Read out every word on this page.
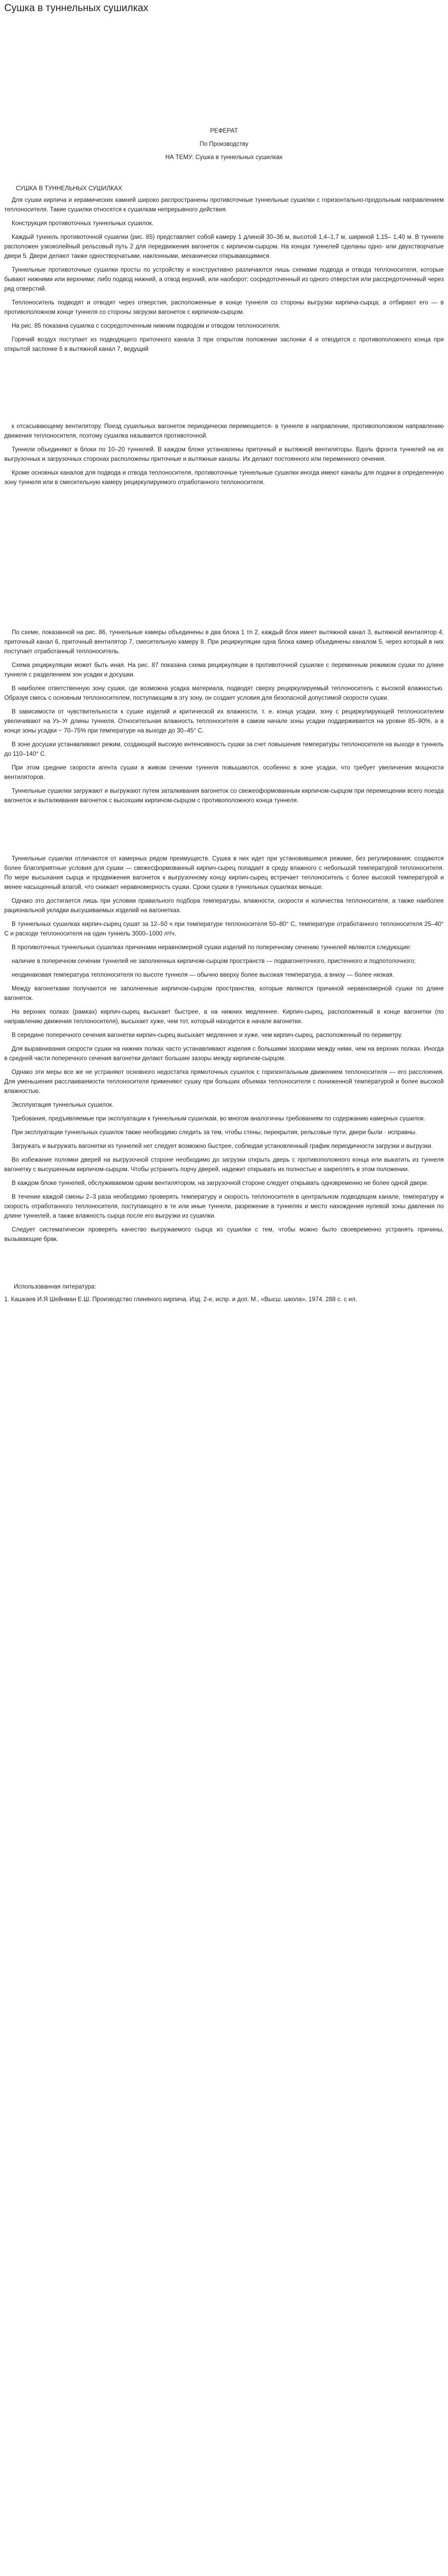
Сушка в туннельных сушилках
РЕФЕРАТ
По Производству
НА ТЕМУ: Сушка в туннельных сушилках
СУШКА В ТУННЕЛЬНЫХ СУШИЛКАХ

Для сушки кирпича и керамических камней широко распространены противоточные туннельные сушилки с горизонтально-продольным направлением теплоносителя. Такие сушилки относятся к сушилкам непрерывного действия.

Конструкция противоточных туннельных сушилок.

Каждый туннель противоточной сушилки (рис. 85) представляет собой камеру 1 длиной 30–36 м, высотой 1,4–1,7 м, шириной 1,15– 1,40 м. В туннеле расположен узкоколейный рельсовый путь 2 для передвижения вагонеток с кирпичом-сырцом. На концах туннелей сделаны одно- или двухстворчатые двери 5. Двери делают также одностворчатыми, наклонными, механически открывающимися.

Туннельные противоточные сушилки просты по устройству и конструктивно различаются лишь схемами подвода и отвода теплоносителя, которые бывают нижними или верхними; либо подвод нижний, а отвод верхний, или наоборот; сосредоточенный из одного отверстия или рассредоточенный через ряд отверстий.

Теплоноситель подводят и отводят через отверстия, расположенные в конце туннеля со стороны выгрузки кирпича-сырца; а отбирают его — в противоположном конце туннеля со стороны загрузки вагонеток с кирпичом-сырцом.

На рис. 85 показана сушилка с сосредоточенным нижним подводом и отводом теплоносителя.

Горячий воздух поступает из подводящего приточного канала 3 при открытом положении заслонки 4 и отводится с противоположного конца при открытой заслонке 6 в вытяжной канал 7, ведущий

к отсасывающему вентилятору. Поезд сушильных вагонеток периодически перемещается- в туннеле в направлении, противоположном направлению движения теплоносителя, поэтому сушилка называется противоточной.

Туннели объединяют в блоки по 10–20 туннелей. В каждом блоке установлены приточный и вытяжной вентиляторы. Вдоль фронта туннелей на их выгрузочных и загрузочных сторонах расположены приточные и вытяжные каналы. Их делают постоянного или переменного сечения.

Кроме основных каналов для подвода и отвода теплоносителя, противоточные туннельные сушилки иногда имеют каналы для подачи в определенную зону туннеля или в смесительную камеру рециркулируемого отработанного теплоносителя.

По схеме, показанной на рис. 86, туннельные камеры объединены в два блока 1 тп 2, каждый блок имеет вытяжной канал 3, вытяжной вентилятор 4, приточный канал 6, приточный вентилятор 7, смесительную камеру 8. При рециркуляции одна блока камер объединены каналом 5, через который в них поступает отработанный теплоноситель.

Схема рециркуляции может быть иная. На рис. 87 показана схема рециркуляции в противоточной сушилке с переменным режимом сушки по длине туннеля с разделением зон усадки и досушки.

В наиболее ответственную зону сушки, где возможна усадка материала, подводят сверху рециркулируемый теплоноситель с высокой влажностью. Образуя смесь с основным теплоносителем, поступающим в эту зону, он создает условия для безопасной допустимой скорости сушки.

В зависимости от чувствительности к сушке изделий и критической их влажности, т. е. конца усадки, зону с рециркулирующей теплоносителем увеличивают на Уз–Уг длины туннеля. Относительная влажность теплоносителя в самом начале зоны усадки поддерживается на уровне 85–90%, а в конце зоны усадки ~ 70–75% при температуре на выходе до 30–45° С.

В зоне досушки устанавливают режим, создающий высокую интенсивность сушки за счет повышения температуры теплоносителя на выходе в туннель до 110–140° С.

При этом средние скорости агента сушки в живом сечении туннеля повышаются, особенно в зоне усадки, что требует увеличения мощности вентиляторов.

Туннельные сушилки загружают и выгружают путем заталкивания вагонеток со свежеоформованным кирпичом-сырцом при перемещении всего поезда вагонеток и выталкивания вагонеток с высохшим кирпичом-сырцом с противоположного конца туннеля.

Туннельные сушилки отличаются от камерных рядом преимуществ. Сушка в них идет при установившемся режиме, без регулирования; создаются более благоприятные условия для сушки — свежесформованный кирпич-сырец попадает в среду влажного с небольшой температурой теплоносителя. По мере высыхания сырца и продвижения вагонеток к выгрузочному концу кирпич-сырец встречает теплоноситель с более высокой температурой и менее насыщенный влагой, что снижает неравномерность сушки. Сроки сушки в туннельных сушилках меньше.

Однако это достигается лишь при условии правильного подбора температуры, влажности, скорости и количества теплоносителя, а также наиболее рациональной укладки высушиваемых изделий на вагонетках.

В туннельных сушилках кирпич-сырец сушат за 12–50 ч при температуре теплоносителя 50–80° С, температуре отработанного теплоносителя 25–40° С и расходе теплоносителя на один туннель 3000–1000 л³/ч.

В противоточных туннельных сушилках причинами неравномерной сушки изделий по поперечному сечению туннелей являются следующие:

наличие в поперечном сечении туннелей не заполненных кирпичом-сырцом пространств — подвагонеточного, пристенного и подпотолочного;

неодинаковая температура теплоносителя по высоте туннеля — обычно вверху более высокая температура, а внизу — более низкая.

Между вагонетками получаются не заполненные кирпичом-сырцом пространства, которые являются причиной неравномерной сушки по длине вагонеток.

На верхних полках (рамках) кирпич-сырец высыхает быстрее, а на нижних медленнее. Кирпич-сырец, расположенный в конце вагонетки (по направлению движения теплоносителя), высыхает хуже, чем тот, который находится в начале вагонетки.

В середине поперечного сечения вагонетки кирпич-сырец высыхает медленнее и хуже, чем кирпич-сырец, расположенный по периметру.

Для выравнивания скорости сушки на нижних полках часто устанавливают изделия с большими зазорами между ними, чем на верхних полках. Иногда в средней части поперечного сечения вагонетки делают большие зазоры между кирпичом-сырцом.

Однако эти меры все же не устраняют основного недостатка прямоточных сушилок с горизонтальным движением теплоносителя — его расслоения. Для уменьшения расслаиваемости теплоносителя применяют сушку при больших объемах теплоносителя с пониженной температурой и более высокой влажностью.

Эксплуатация туннельных сушилок.

Требования, предъявляемые при эксплуатации к туннельным сушилкам, во многом аналогичны требованиям по содержанию камерных сушилок.

При эксплуатации туннельных сушилок также необходимо следить за тем, чтобы стены, перекрытия, рельсовые пути, двери были · исправны.

Загружать и выгружать вагонетки из туннелей нет следует возможно быстрее, соблюдая установленный график периодичности загрузки и выгрузки.

Во избежание поломки дверей на выгрузочной стороне необходимо до загрузки открыть дверь с противоположного конца или выкатить из туннеля вагонетку с высушенным кирпичом-сырцом. Чтобы устранить порчу дверей, надежит открывать их полностью и закреплять в этом положении.

В каждом блоке туннелей, обслуживаемом одним вентилятором, на загрузочной стороне следует открывать одновременно не более одной двери.

В течение каждой смены 2–3 раза необходимо проверять температуру и скорость теплоносителя в центральном подводящем канале, температуру и скорость отработанного теплоносителя, поступающего в те или иные туннели, разрежение в туннелях и место нахождения нулевой зоны давления по длине туннелей, а также влажность сырца после его выгрузки из сушилки.

Следует систематически проверять качество выгружаемого сырца из сушилки с тем, чтобы можно было своевременно устранять причины, вызывающие брак.

Использованная литература:

1. Кашкаев И.Я Шейнман Е.Ш. Производство глиняного кирпича. Изд. 2-е, испр. и доп. М., «Высш. школа», 1974. 288 с. с ил.
